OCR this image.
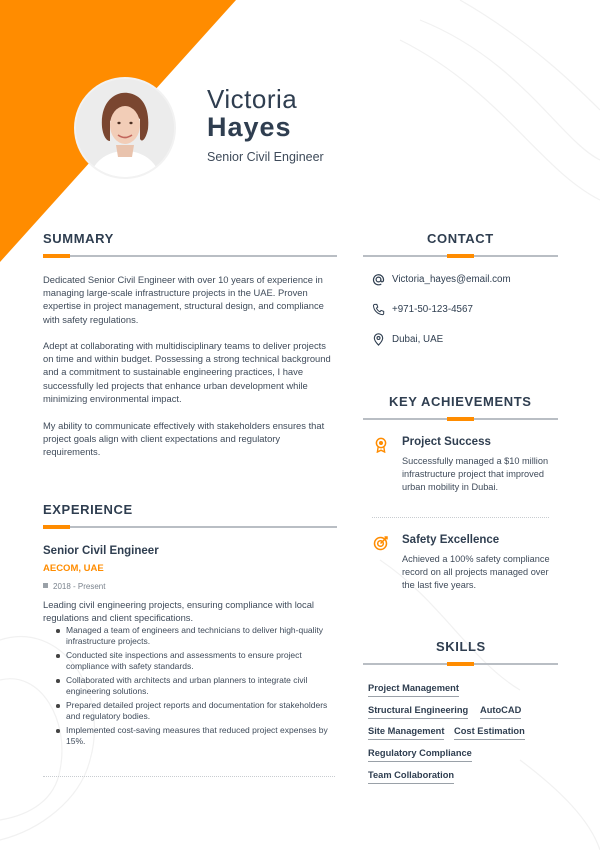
Victoria
Hayes
Senior Civil Engineer
SUMMARY
Dedicated Senior Civil Engineer with over 10 years of experience in managing large-scale infrastructure projects in the UAE. Proven expertise in project management, structural design, and compliance with safety regulations.
Adept at collaborating with multidisciplinary teams to deliver projects on time and within budget. Possessing a strong technical background and a commitment to sustainable engineering practices, I have successfully led projects that enhance urban development while minimizing environmental impact.
My ability to communicate effectively with stakeholders ensures that project goals align with client expectations and regulatory requirements.
EXPERIENCE
Senior Civil Engineer
AECOM, UAE
2018 - Present
Leading civil engineering projects, ensuring compliance with local regulations and client specifications.
Managed a team of engineers and technicians to deliver high-quality infrastructure projects.
Conducted site inspections and assessments to ensure project compliance with safety standards.
Collaborated with architects and urban planners to integrate civil engineering solutions.
Prepared detailed project reports and documentation for stakeholders and regulatory bodies.
Implemented cost-saving measures that reduced project expenses by 15%.
CONTACT
Victoria_hayes@email.com
+971-50-123-4567
Dubai, UAE
KEY ACHIEVEMENTS
Project Success
Successfully managed a $10 million infrastructure project that improved urban mobility in Dubai.
Safety Excellence
Achieved a 100% safety compliance record on all projects managed over the last five years.
SKILLS
Project Management
Structural Engineering AutoCAD
Site Management Cost Estimation
Regulatory Compliance
Team Collaboration
